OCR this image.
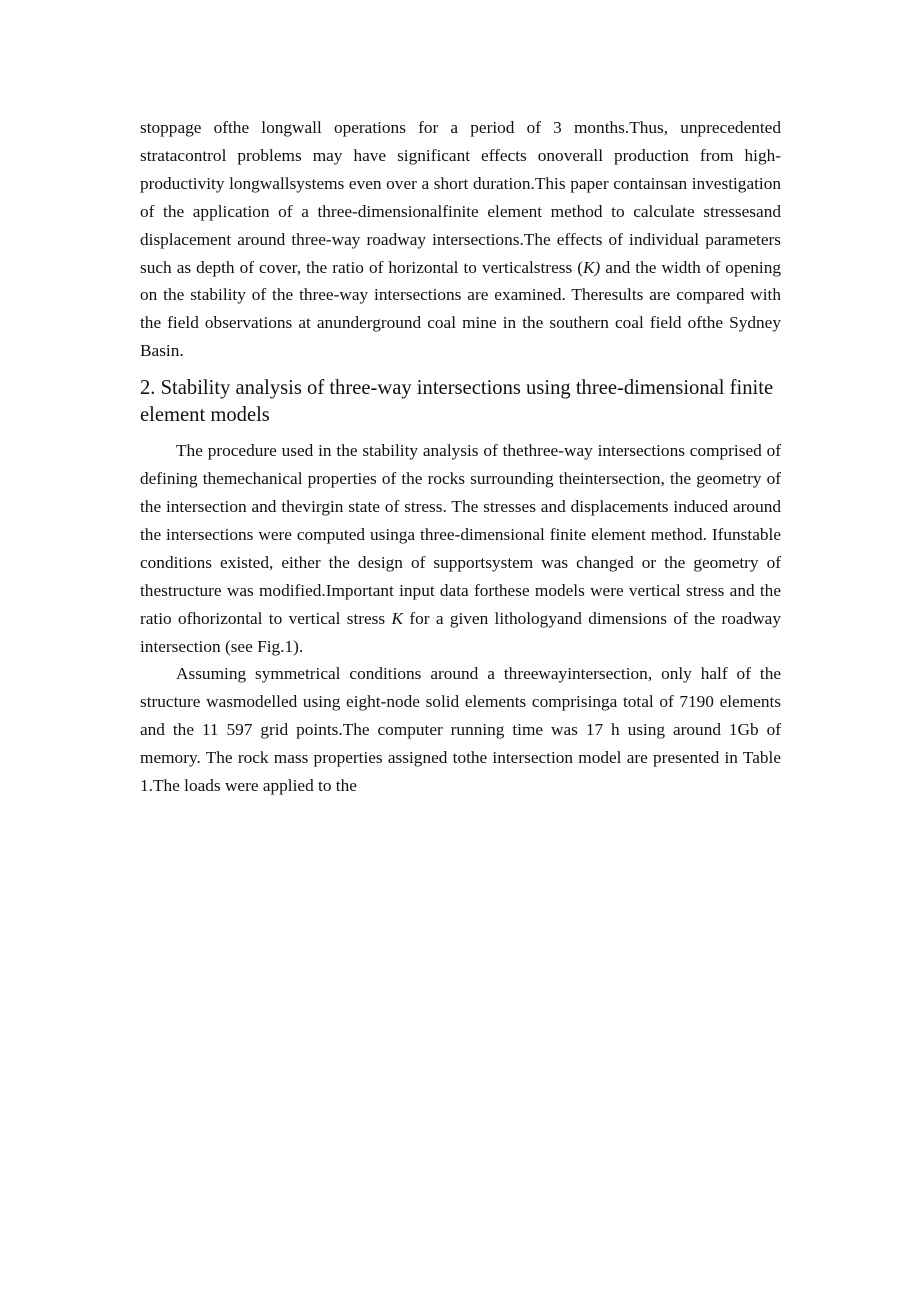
stoppage ofthe longwall operations for a period of 3 months.Thus, unprecedented stratacontrol problems may have significant effects onoverall production from high-productivity longwallsystems even over a short duration.This paper containsan investigation of the application of a three-dimensionalfinite element method to calculate stressesand displacement around three-way roadway intersections.The effects of individual parameters such as depth of cover, the ratio of horizontal to verticalstress (K) and the width of opening on the stability of the three-way intersections are examined. Theresults are compared with the field observations at anunderground coal mine in the southern coal field ofthe Sydney Basin.

2. Stability analysis of three-way intersections using three-dimensional finite element models

The procedure used in the stability analysis of thethree-way intersections comprised of defining themechanical properties of the rocks surrounding theintersection, the geometry of the intersection and thevirgin state of stress. The stresses and displacements induced around the intersections were computed usinga three-dimensional finite element method. Ifunstable conditions existed, either the design of supportsystem was changed or the geometry of thestructure was modified.Important input data forthese models were vertical stress and the ratio ofhorizontal to vertical stress K for a given lithologyand dimensions of the roadway intersection (see Fig.1).

Assuming symmetrical conditions around a threewayintersection, only half of the structure wasmodelled using eight-node solid elements comprisinga total of 7190 elements and the 11 597 grid points.The computer running time was 17 h using around 1Gb of memory. The rock mass properties assigned tothe intersection model are presented in Table 1.The loads were applied to the
